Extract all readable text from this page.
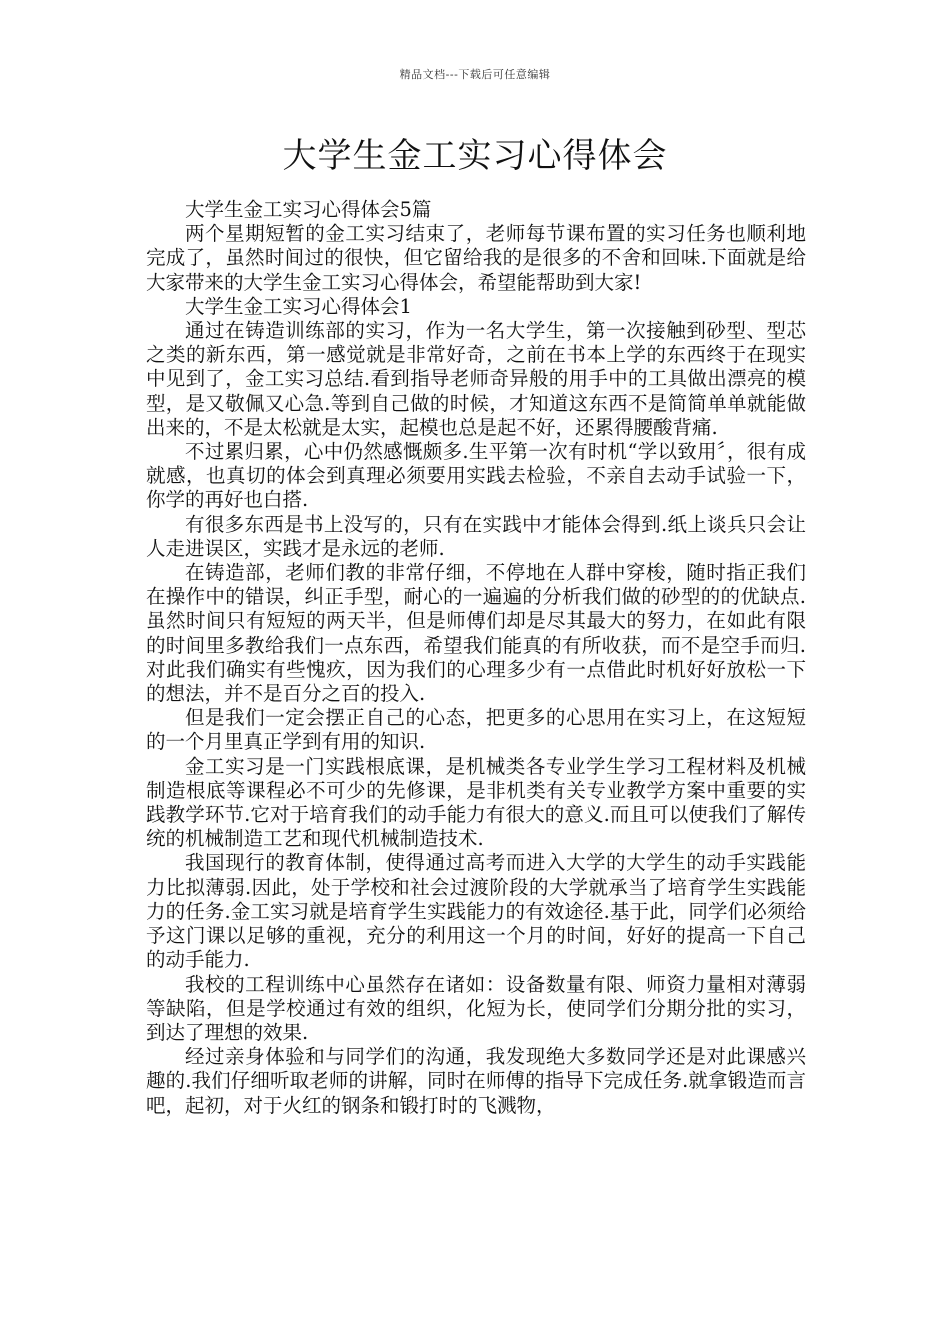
精品文档---下载后可任意编辑
大学生金工实习心得体会

大学生金工实习心得体会5篇

两个星期短暂的金工实习结束了，老师每节课布置的实习任务也顺利地完成了，虽然时间过的很快，但它留给我的是很多的不舍和回味.下面就是给大家带来的大学生金工实习心得体会，希望能帮助到大家!

大学生金工实习心得体会1

通过在铸造训练部的实习，作为一名大学生，第一次接触到砂型、型芯之类的新东西，第一感觉就是非常好奇，之前在书本上学的东西终于在现实中见到了，金工实习总结.看到指导老师奇异般的用手中的工具做出漂亮的模型，是又敬佩又心急.等到自己做的时候，才知道这东西不是简简单单就能做出来的，不是太松就是太实，起模也总是起不好，还累得腰酸背痛.

不过累归累，心中仍然感慨颇多.生平第一次有时机“学以致用〞，很有成就感，也真切的体会到真理必须要用实践去检验，不亲自去动手试验一下，你学的再好也白搭.

有很多东西是书上没写的，只有在实践中才能体会得到.纸上谈兵只会让人走进误区，实践才是永远的老师.

在铸造部，老师们教的非常仔细，不停地在人群中穿梭，随时指正我们在操作中的错误，纠正手型，耐心的一遍遍的分析我们做的砂型的的优缺点.虽然时间只有短短的两天半，但是师傅们却是尽其最大的努力，在如此有限的时间里多教给我们一点东西，希望我们能真的有所收获，而不是空手而归.对此我们确实有些愧疚，因为我们的心理多少有一点借此时机好好放松一下的想法，并不是百分之百的投入.

但是我们一定会摆正自己的心态，把更多的心思用在实习上，在这短短的一个月里真正学到有用的知识.

金工实习是一门实践根底课，是机械类各专业学生学习工程材料及机械制造根底等课程必不可少的先修课，是非机类有关专业教学方案中重要的实践教学环节.它对于培育我们的动手能力有很大的意义.而且可以使我们了解传统的机械制造工艺和现代机械制造技术.

我国现行的教育体制，使得通过高考而进入大学的大学生的动手实践能力比拟薄弱.因此，处于学校和社会过渡阶段的大学就承当了培育学生实践能力的任务.金工实习就是培育学生实践能力的有效途径.基于此，同学们必须给予这门课以足够的重视，充分的利用这一个月的时间，好好的提高一下自己的动手能力.

我校的工程训练中心虽然存在诸如：设备数量有限、师资力量相对薄弱等缺陷，但是学校通过有效的组织，化短为长，使同学们分期分批的实习，到达了理想的效果.

经过亲身体验和与同学们的沟通，我发现绝大多数同学还是对此课感兴趣的.我们仔细听取老师的讲解，同时在师傅的指导下完成任务.就拿锻造而言吧，起初，对于火红的钢条和锻打时的飞溅物，
